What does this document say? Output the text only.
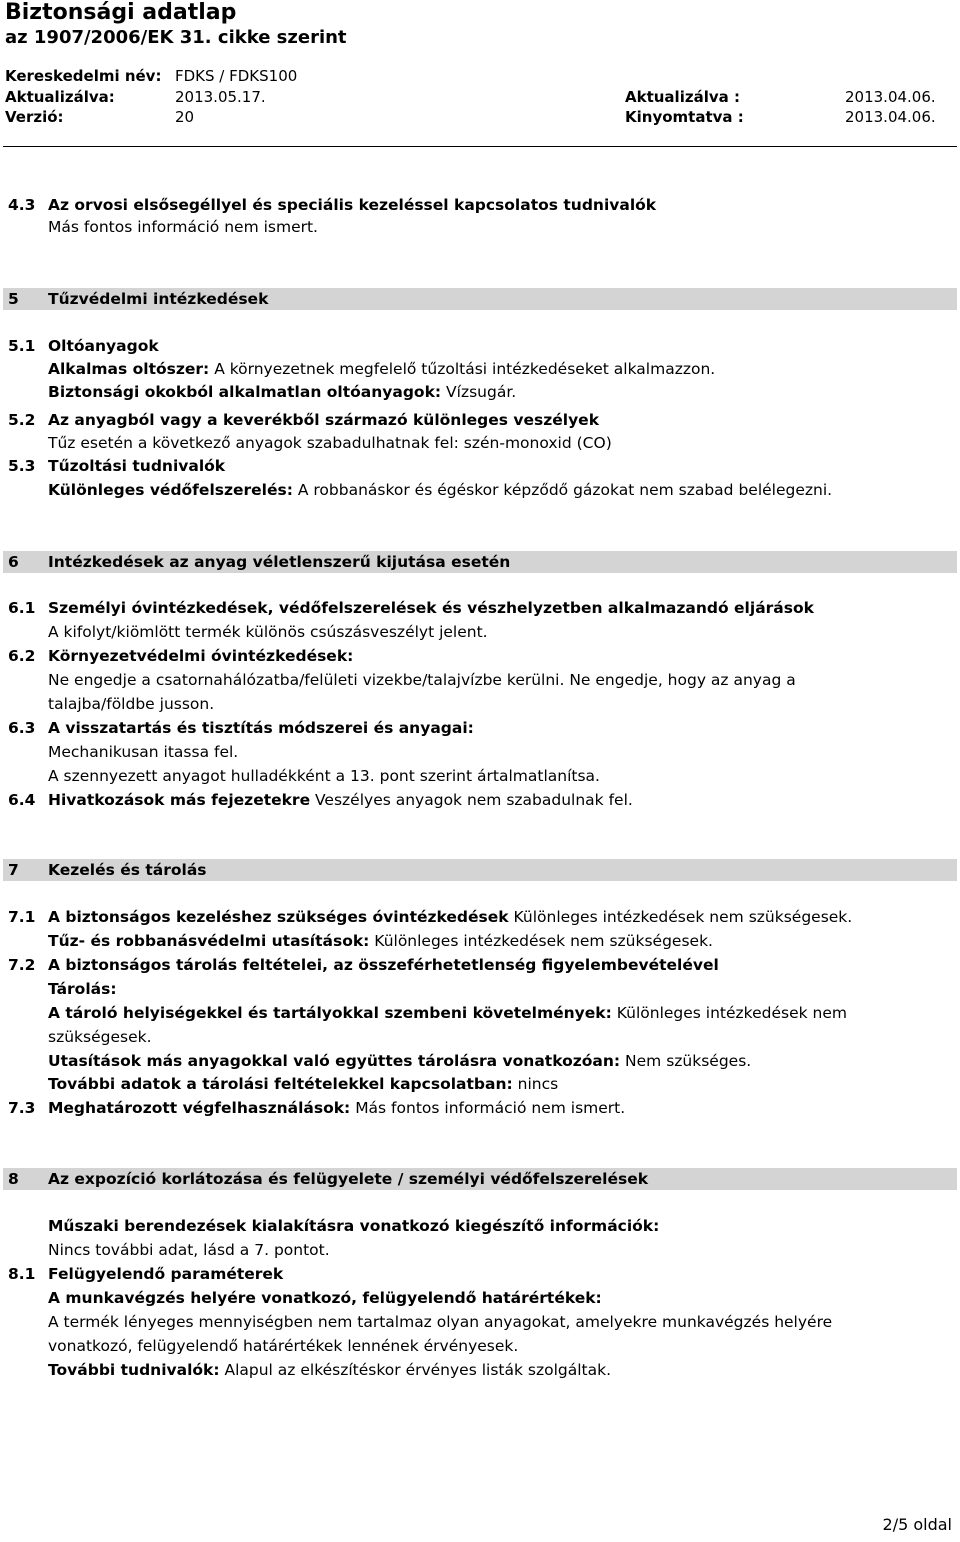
Biztonsági adatlap
az 1907/2006/EK 31. cikke szerint
Kereskedelmi név: FDKS / FDKS100
Aktualizálva:	2013.05.17.	Aktualizálva :	2013.04.06.
Verzió:	20	Kinyomtatva :	2013.04.06.
4.3 Az orvosi elsősegéllyel és speciális kezeléssel kapcsolatos tudnivalók
Más fontos információ nem ismert.
5 Tűzvédelmi intézkedések
5.1 Oltóanyagok
Alkalmas oltószer: A környezetnek megfelelő tűzoltási intézkedéseket alkalmazzon.
Biztonsági okokból alkalmatlan oltóanyagok: Vízsugár.
5.2 Az anyagból vagy a keverékből származó különleges veszélyek
Tűz esetén a következő anyagok szabadulhatnak fel: szén-monoxid (CO)
5.3 Tűzoltási tudnivalók
Különleges védőfelszerelés: A robbanáskor és égéskor képződő gázokat nem szabad belélegezni.
6 Intézkedések az anyag véletlenszerű kijutása esetén
6.1 Személyi óvintézkedések, védőfelszerelések és vészhelyzetben alkalmazandó eljárások
A kifolyt/kiömlött termék különös csúszásveszélyt jelent.
6.2 Környezetvédelmi óvintézkedések:
Ne engedje a csatornahálózatba/felületi vizekbe/talajvízbe kerülni. Ne engedje, hogy az anyag a
talajba/földbe jusson.
6.3 A visszatartás és tisztítás módszerei és anyagai:
Mechanikusan itassa fel.
A szennyezett anyagot hulladékként a 13. pont szerint ártalmatlanítsa.
6.4 Hivatkozások más fejezetekre Veszélyes anyagok nem szabadulnak fel.
7 Kezelés és tárolás
7.1 A biztonságos kezeléshez szükséges óvintézkedések Különleges intézkedések nem szükségesek.
Tűz- és robbanásvédelmi utasítások: Különleges intézkedések nem szükségesek.
7.2 A biztonságos tárolás feltételei, az összeférhetetlenség figyelembevételével
Tárolás:
A tároló helyiségekkel és tartályokkal szembeni követelmények: Különleges intézkedések nem
szükségesek.
Utasítások más anyagokkal való együttes tárolásra vonatkozóan: Nem szükséges.
További adatok a tárolási feltételekkel kapcsolatban: nincs
7.3 Meghatározott végfelhasználások: Más fontos információ nem ismert.
8 Az expozíció korlátozása és felügyelete / személyi védőfelszerelések
Műszaki berendezések kialakításra vonatkozó kiegészítő információk:
Nincs további adat, lásd a 7. pontot.
8.1 Felügyelendő paraméterek
A munkavégzés helyére vonatkozó, felügyelendő határértékek:
A termék lényeges mennyiségben nem tartalmaz olyan anyagokat, amelyekre munkavégzés helyére
vonatkozó, felügyelendő határértékek lennének érvényesek.
További tudnivalók: Alapul az elkészítéskor érvényes listák szolgáltak.
2/5 oldal
